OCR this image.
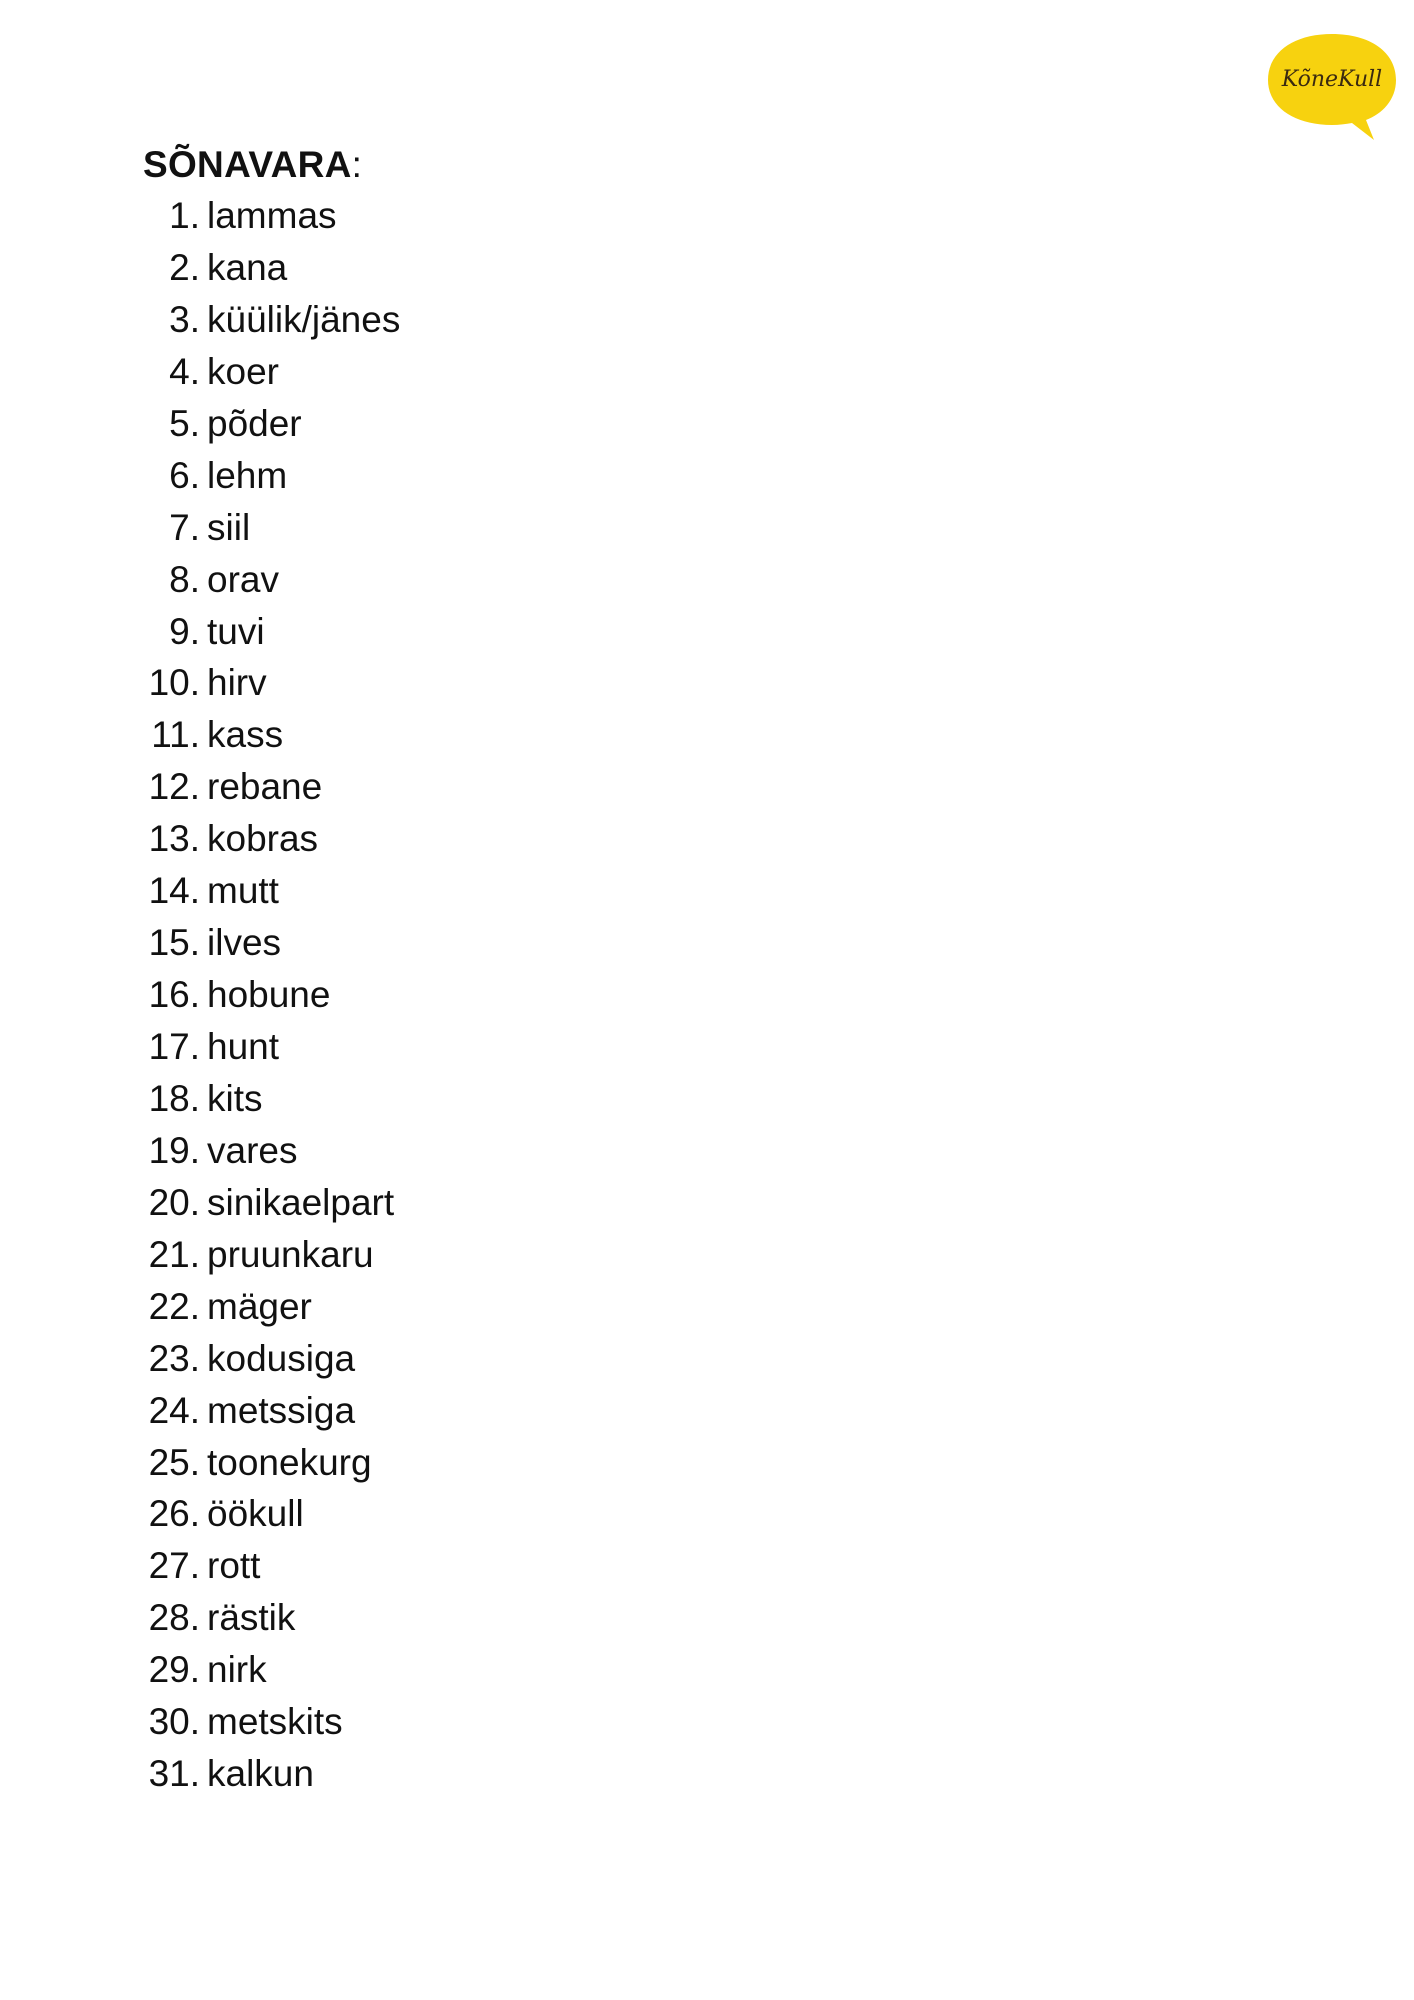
KõneKull
SÕNAVARA:
1. lammas
2. kana
3. küülik/jänes
4. koer
5. põder
6. lehm
7. siil
8. orav
9. tuvi
10. hirv
11. kass
12. rebane
13. kobras
14. mutt
15. ilves
16. hobune
17. hunt
18. kits
19. vares
20. sinikaelpart
21. pruunkaru
22. mäger
23. kodusiga
24. metssiga
25. toonekurg
26. öökull
27. rott
28. rästik
29. nirk
30. metskits
31. kalkun
